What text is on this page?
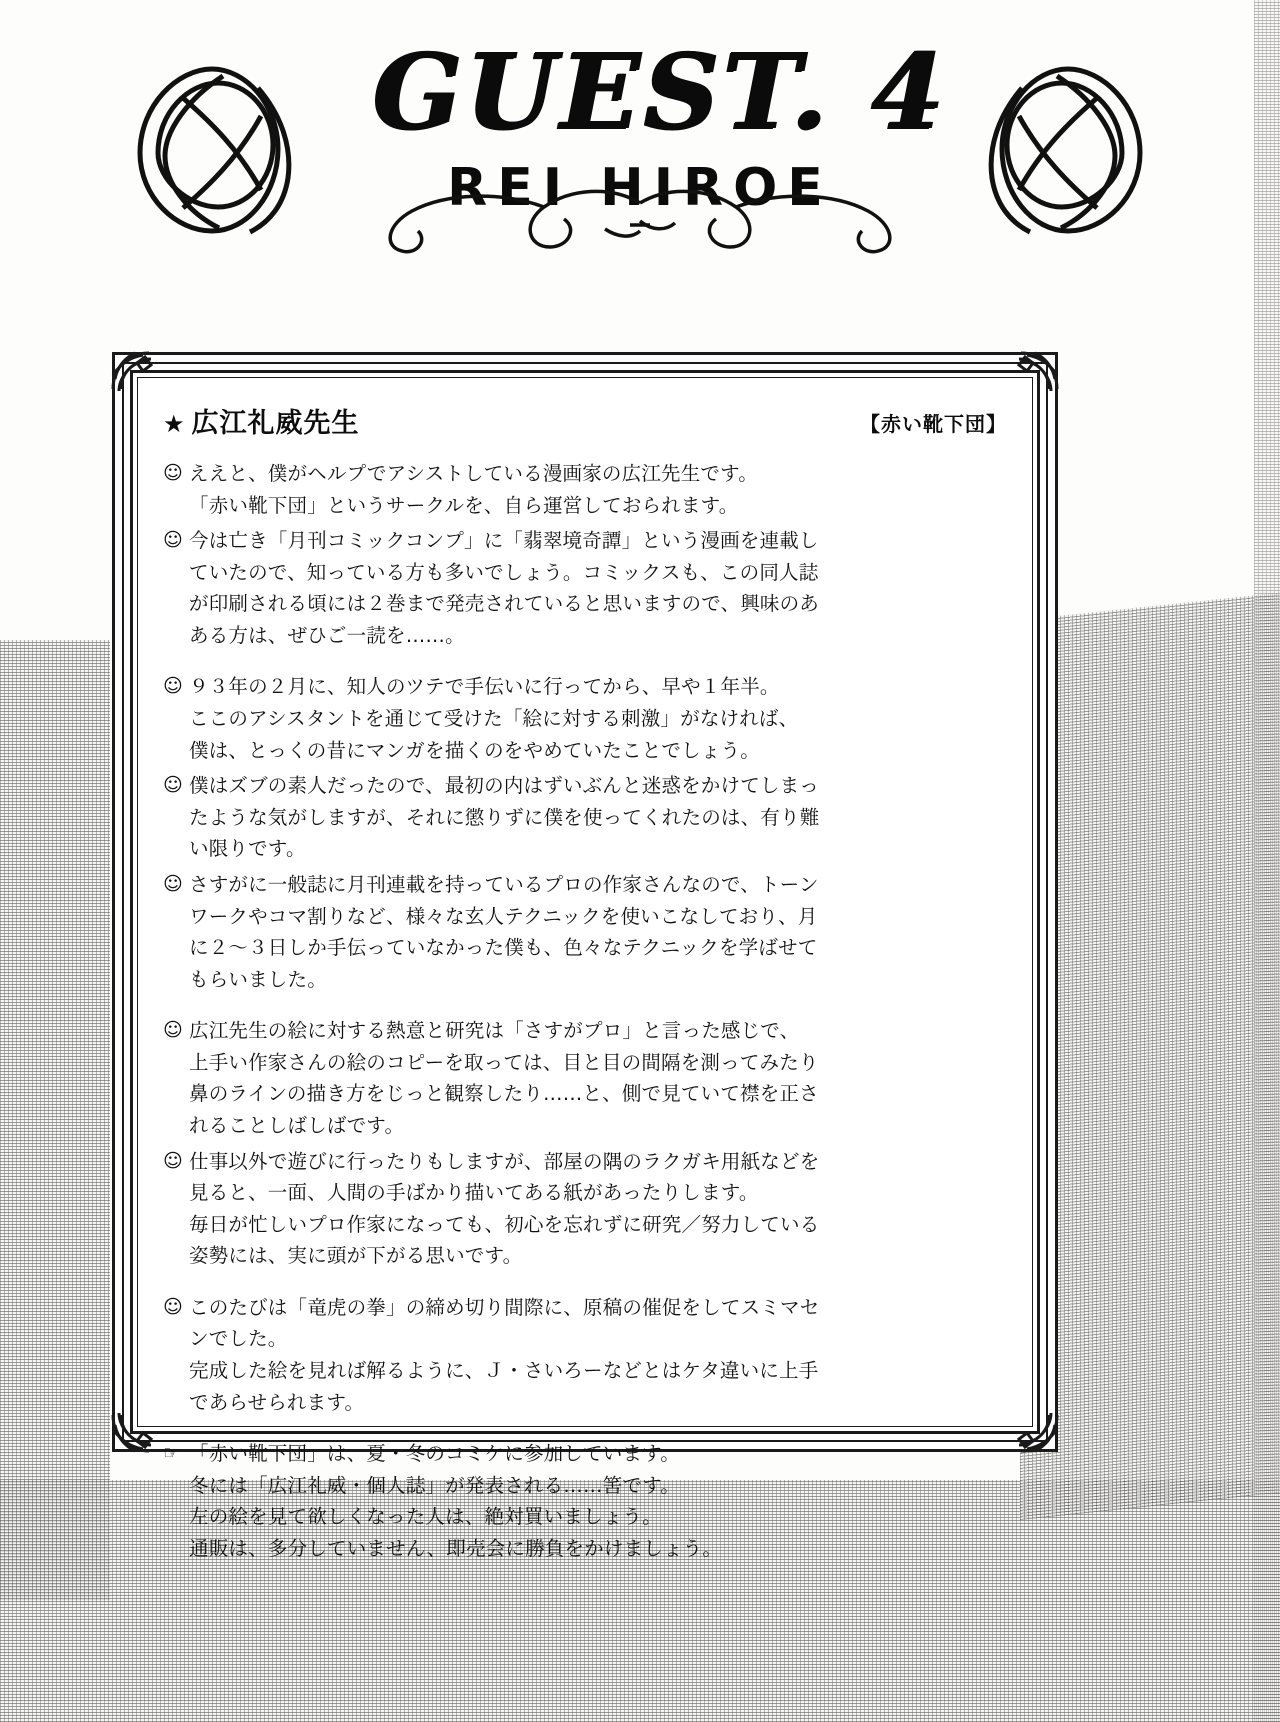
GUEST. 4
REI HIROE
★ 広江礼威先生	【赤い靴下団】
☺ ええと、僕がヘルプでアシストしている漫画家の広江先生です。
「赤い靴下団」というサークルを、自ら運営しておられます。
☺ 今は亡き「月刊コミックコンプ」に「翡翠境奇譚」という漫画を連載し
ていたので、知っている方も多いでしょう。コミックスも、この同人誌
が印刷される頃には２巻まで発売されていると思いますので、興味のあ
ある方は、ぜひご一読を……。
☺ ９３年の２月に、知人のツテで手伝いに行ってから、早や１年半。
ここのアシスタントを通じて受けた「絵に対する刺激」がなければ、
僕は、とっくの昔にマンガを描くのをやめていたことでしょう。
☺ 僕はズブの素人だったので、最初の内はずいぶんと迷惑をかけてしまっ
たような気がしますが、それに懲りずに僕を使ってくれたのは、有り難
い限りです。
☺ さすがに一般誌に月刊連載を持っているプロの作家さんなので、トーン
ワークやコマ割りなど、様々な玄人テクニックを使いこなしており、月
に２〜３日しか手伝っていなかった僕も、色々なテクニックを学ばせて
もらいました。
☺ 広江先生の絵に対する熱意と研究は「さすがプロ」と言った感じで、
上手い作家さんの絵のコピーを取っては、目と目の間隔を測ってみたり
鼻のラインの描き方をじっと観察したり……と、側で見ていて襟を正さ
れることしばしばです。
☺ 仕事以外で遊びに行ったりもしますが、部屋の隅のラクガキ用紙などを
見ると、一面、人間の手ばかり描いてある紙があったりします。
毎日が忙しいプロ作家になっても、初心を忘れずに研究／努力している
姿勢には、実に頭が下がる思いです。
☺ このたびは「竜虎の拳」の締め切り間際に、原稿の催促をしてスミマセ
ンでした。
完成した絵を見れば解るように、Ｊ・さいろーなどとはケタ違いに上手
であらせられます。
☞ 「赤い靴下団」は、夏・冬のコミケに参加しています。
冬には「広江礼威・個人誌」が発表される……筈です。
左の絵を見て欲しくなった人は、絶対買いましょう。
通販は、多分していません、即売会に勝負をかけましょう。
